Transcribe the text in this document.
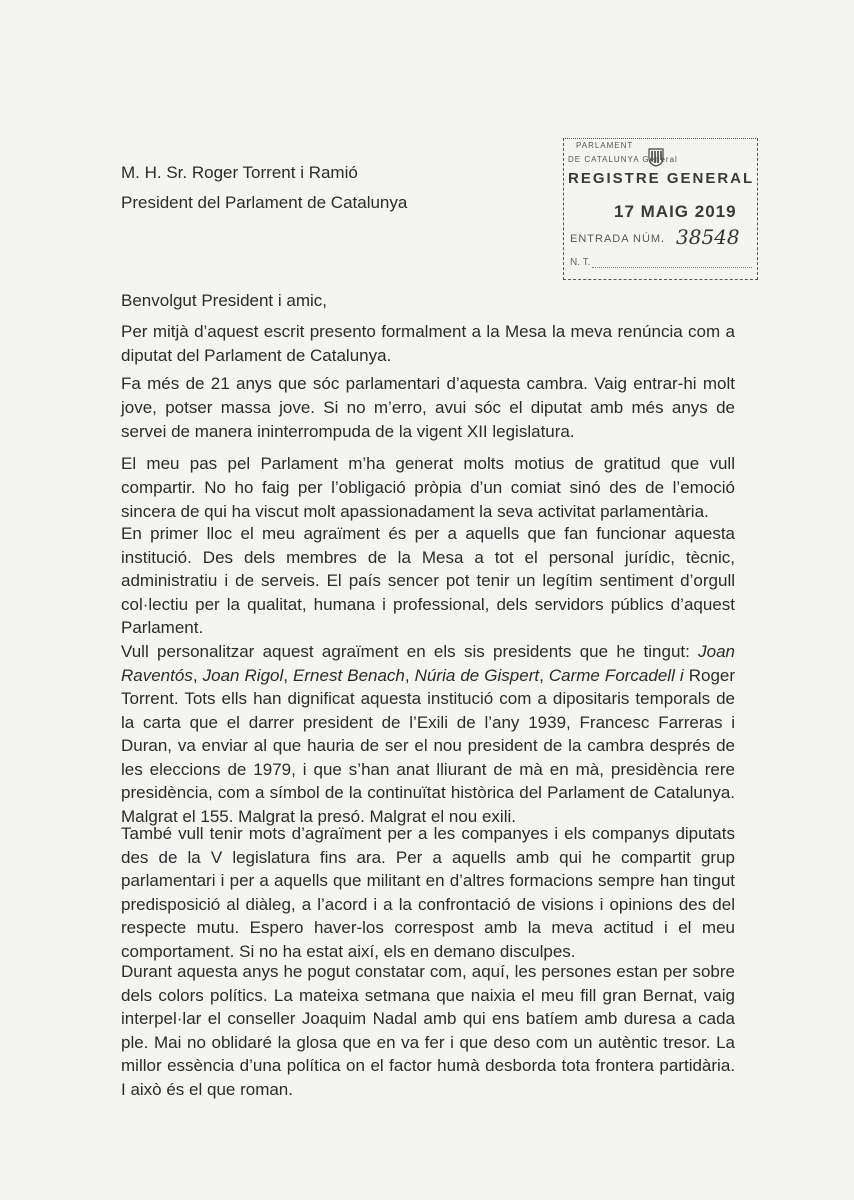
M. H. Sr. Roger Torrent i Ramió

President del Parlament de Catalunya

PARLAMENT
DE CATALUNYA General
REGISTRE GENERAL
17 MAIG 2019
ENTRADA NÚM. 38548
N. T.

Benvolgut President i amic,

Per mitjà d’aquest escrit presento formalment a la Mesa la meva renúncia com a diputat del Parlament de Catalunya.

Fa més de 21 anys que sóc parlamentari d’aquesta cambra. Vaig entrar-hi molt jove, potser massa jove. Si no m’erro, avui sóc el diputat amb més anys de servei de manera ininterrompuda de la vigent XII legislatura.

El meu pas pel Parlament m’ha generat molts motius de gratitud que vull compartir. No ho faig per l’obligació pròpia d’un comiat sinó des de l’emoció sincera de qui ha viscut molt apassionadament la seva activitat parlamentària.

En primer lloc el meu agraïment és per a aquells que fan funcionar aquesta institució. Des dels membres de la Mesa a tot el personal jurídic, tècnic, administratiu i de serveis. El país sencer pot tenir un legítim sentiment d’orgull col·lectiu per la qualitat, humana i professional, dels servidors públics d’aquest Parlament.

Vull personalitzar aquest agraïment en els sis presidents que he tingut: Joan Raventós, Joan Rigol, Ernest Benach, Núria de Gispert, Carme Forcadell i Roger Torrent. Tots ells han dignificat aquesta institució com a dipositaris temporals de la carta que el darrer president de l’Exili de l’any 1939, Francesc Farreras i Duran, va enviar al que hauria de ser el nou president de la cambra després de les eleccions de 1979, i que s’han anat lliurant de mà en mà, presidència rere presidència, com a símbol de la continuïtat històrica del Parlament de Catalunya. Malgrat el 155. Malgrat la presó. Malgrat el nou exili.

També vull tenir mots d’agraïment per a les companyes i els companys diputats des de la V legislatura fins ara. Per a aquells amb qui he compartit grup parlamentari i per a aquells que militant en d’altres formacions sempre han tingut predisposició al diàleg, a l’acord i a la confrontació de visions i opinions des del respecte mutu. Espero haver-los correspost amb la meva actitud i el meu comportament. Si no ha estat així, els en demano disculpes.

Durant aquesta anys he pogut constatar com, aquí, les persones estan per sobre dels colors polítics. La mateixa setmana que naixia el meu fill gran Bernat, vaig interpel·lar el conseller Joaquim Nadal amb qui ens batíem amb duresa a cada ple. Mai no oblidaré la glosa que en va fer i que deso com un autèntic tresor. La millor essència d’una política on el factor humà desborda tota frontera partidària. I això és el que roman.
